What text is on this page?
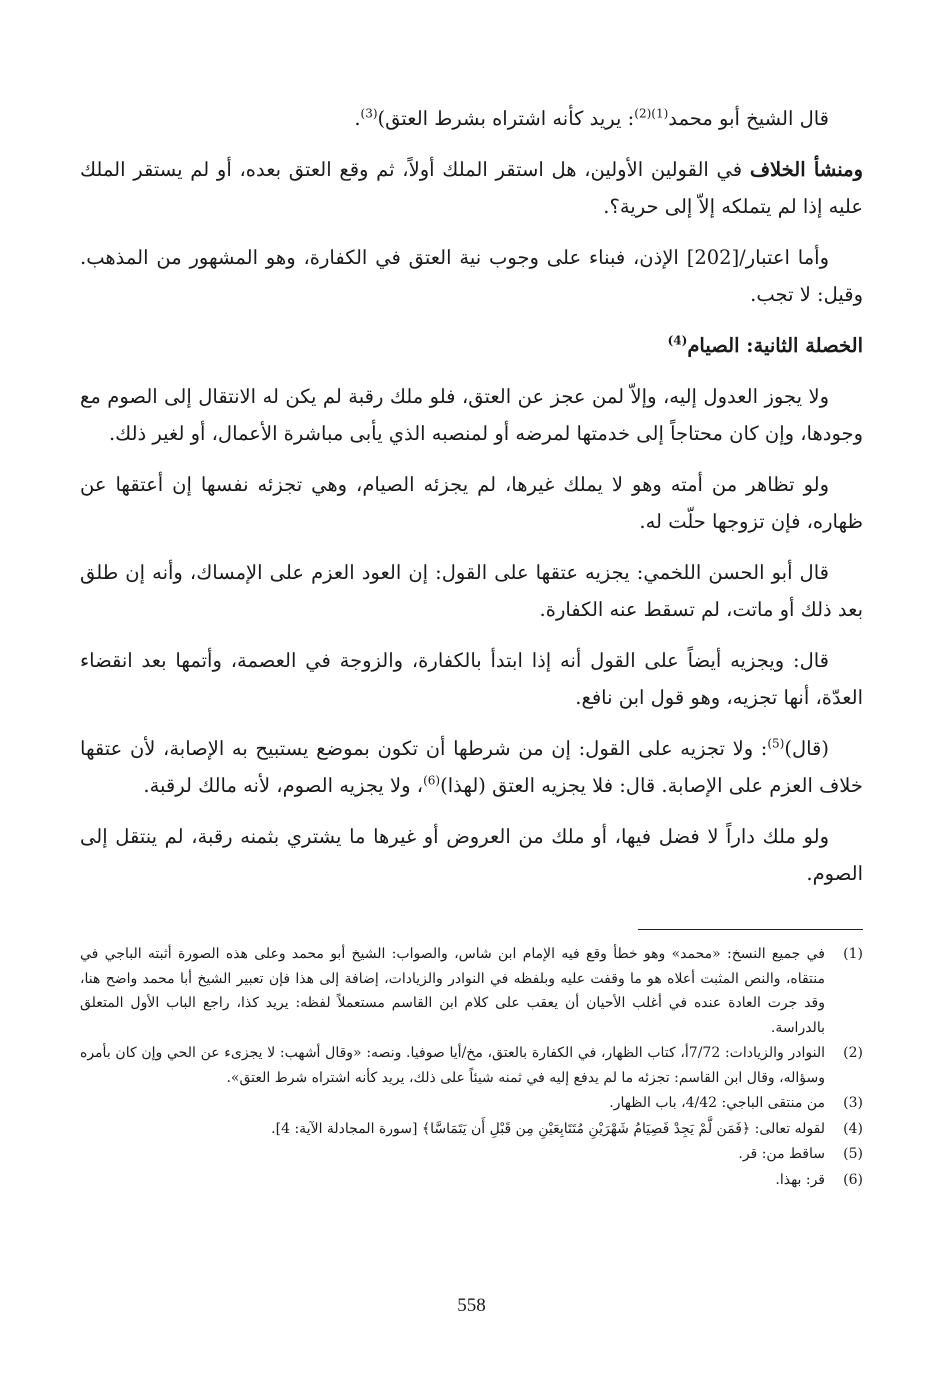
قال الشيخ أبو محمد$^{(1)(2)}$: يريد كأنه اشتراه بشرط العتق)$^{(3)}$.

ومنشأ الخلاف في القولين الأولين، هل استقر الملك أولاً، ثم وقع العتق بعده، أو لم يستقر الملك عليه إذا لم يتملكه إلاّ إلى حرية؟.

وأما اعتبار/[202] الإذن، فبناء على وجوب نية العتق في الكفارة، وهو المشهور من المذهب. وقيل: لا تجب.

الخصلة الثانية: الصيام$^{(4)}$

ولا يجوز العدول إليه، وإلاّ لمن عجز عن العتق، فلو ملك رقبة لم يكن له الانتقال إلى الصوم مع وجودها، وإن كان محتاجاً إلى خدمتها لمرضه أو لمنصبه الذي يأبى مباشرة الأعمال، أو لغير ذلك.

ولو تظاهر من أمته وهو لا يملك غيرها، لم يجزئه الصيام، وهي تجزئه نفسها إن أعتقها عن ظهاره، فإن تزوجها حلّت له.

قال أبو الحسن اللخمي: يجزيه عتقها على القول: إن العود العزم على الإمساك، وأنه إن طلق بعد ذلك أو ماتت، لم تسقط عنه الكفارة.

قال: ويجزيه أيضاً على القول أنه إذا ابتدأ بالكفارة، والزوجة في العصمة، وأتمها بعد انقضاء العدّة، أنها تجزيه، وهو قول ابن نافع.

(قال)$^{(5)}$: ولا تجزيه على القول: إن من شرطها أن تكون بموضع يستبيح به الإصابة، لأن عتقها خلاف العزم على الإصابة. قال: فلا يجزيه العتق (لهذا)$^{(6)}$، ولا يجزيه الصوم، لأنه مالك لرقبة.

ولو ملك داراً لا فضل فيها، أو ملك من العروض أو غيرها ما يشتري بثمنه رقبة، لم ينتقل إلى الصوم.

(1)
في جميع النسخ: «محمد» وهو خطأ وقع فيه الإمام ابن شاس، والصواب: الشيخ أبو محمد وعلى هذه الصورة أثبته الباجي في منتقاه، والنص المثبت أعلاه هو ما وقفت عليه وبلفظه في النوادر والزيادات، إضافة إلى هذا فإن تعبير الشيخ أبا محمد واضح هنا، وقد جرت العادة عنده في أغلب الأحيان أن يعقب على كلام ابن القاسم مستعملاً لفظه: يريد كذا، راجع الباب الأول المتعلق بالدراسة.
(2)
النوادر والزيادات: 7/72أ، كتاب الظهار، في الكفارة بالعتق، مخ/أيا صوفيا. ونصه: «وقال أشهب: لا يجزىء عن الحي وإن كان بأمره وسؤاله، وقال ابن القاسم: تجزئه ما لم يدفع إليه في ثمنه شيئاً على ذلك، يريد كأنه اشتراه شرط العتق».
(3)
من منتقى الباجي: 4/42، باب الظهار.
(4)
لقوله تعالى: ﴿فَمَن لَّمْ يَجِدْ فَصِيَامُ شَهْرَيْنِ مُتَتَابِعَيْنِ مِن قَبْلِ أَن يَتَمَاسَّا﴾ [سورة المجادلة الآية: 4].
(5)
ساقط من: قر.
(6)
قر: بهذا.
558
